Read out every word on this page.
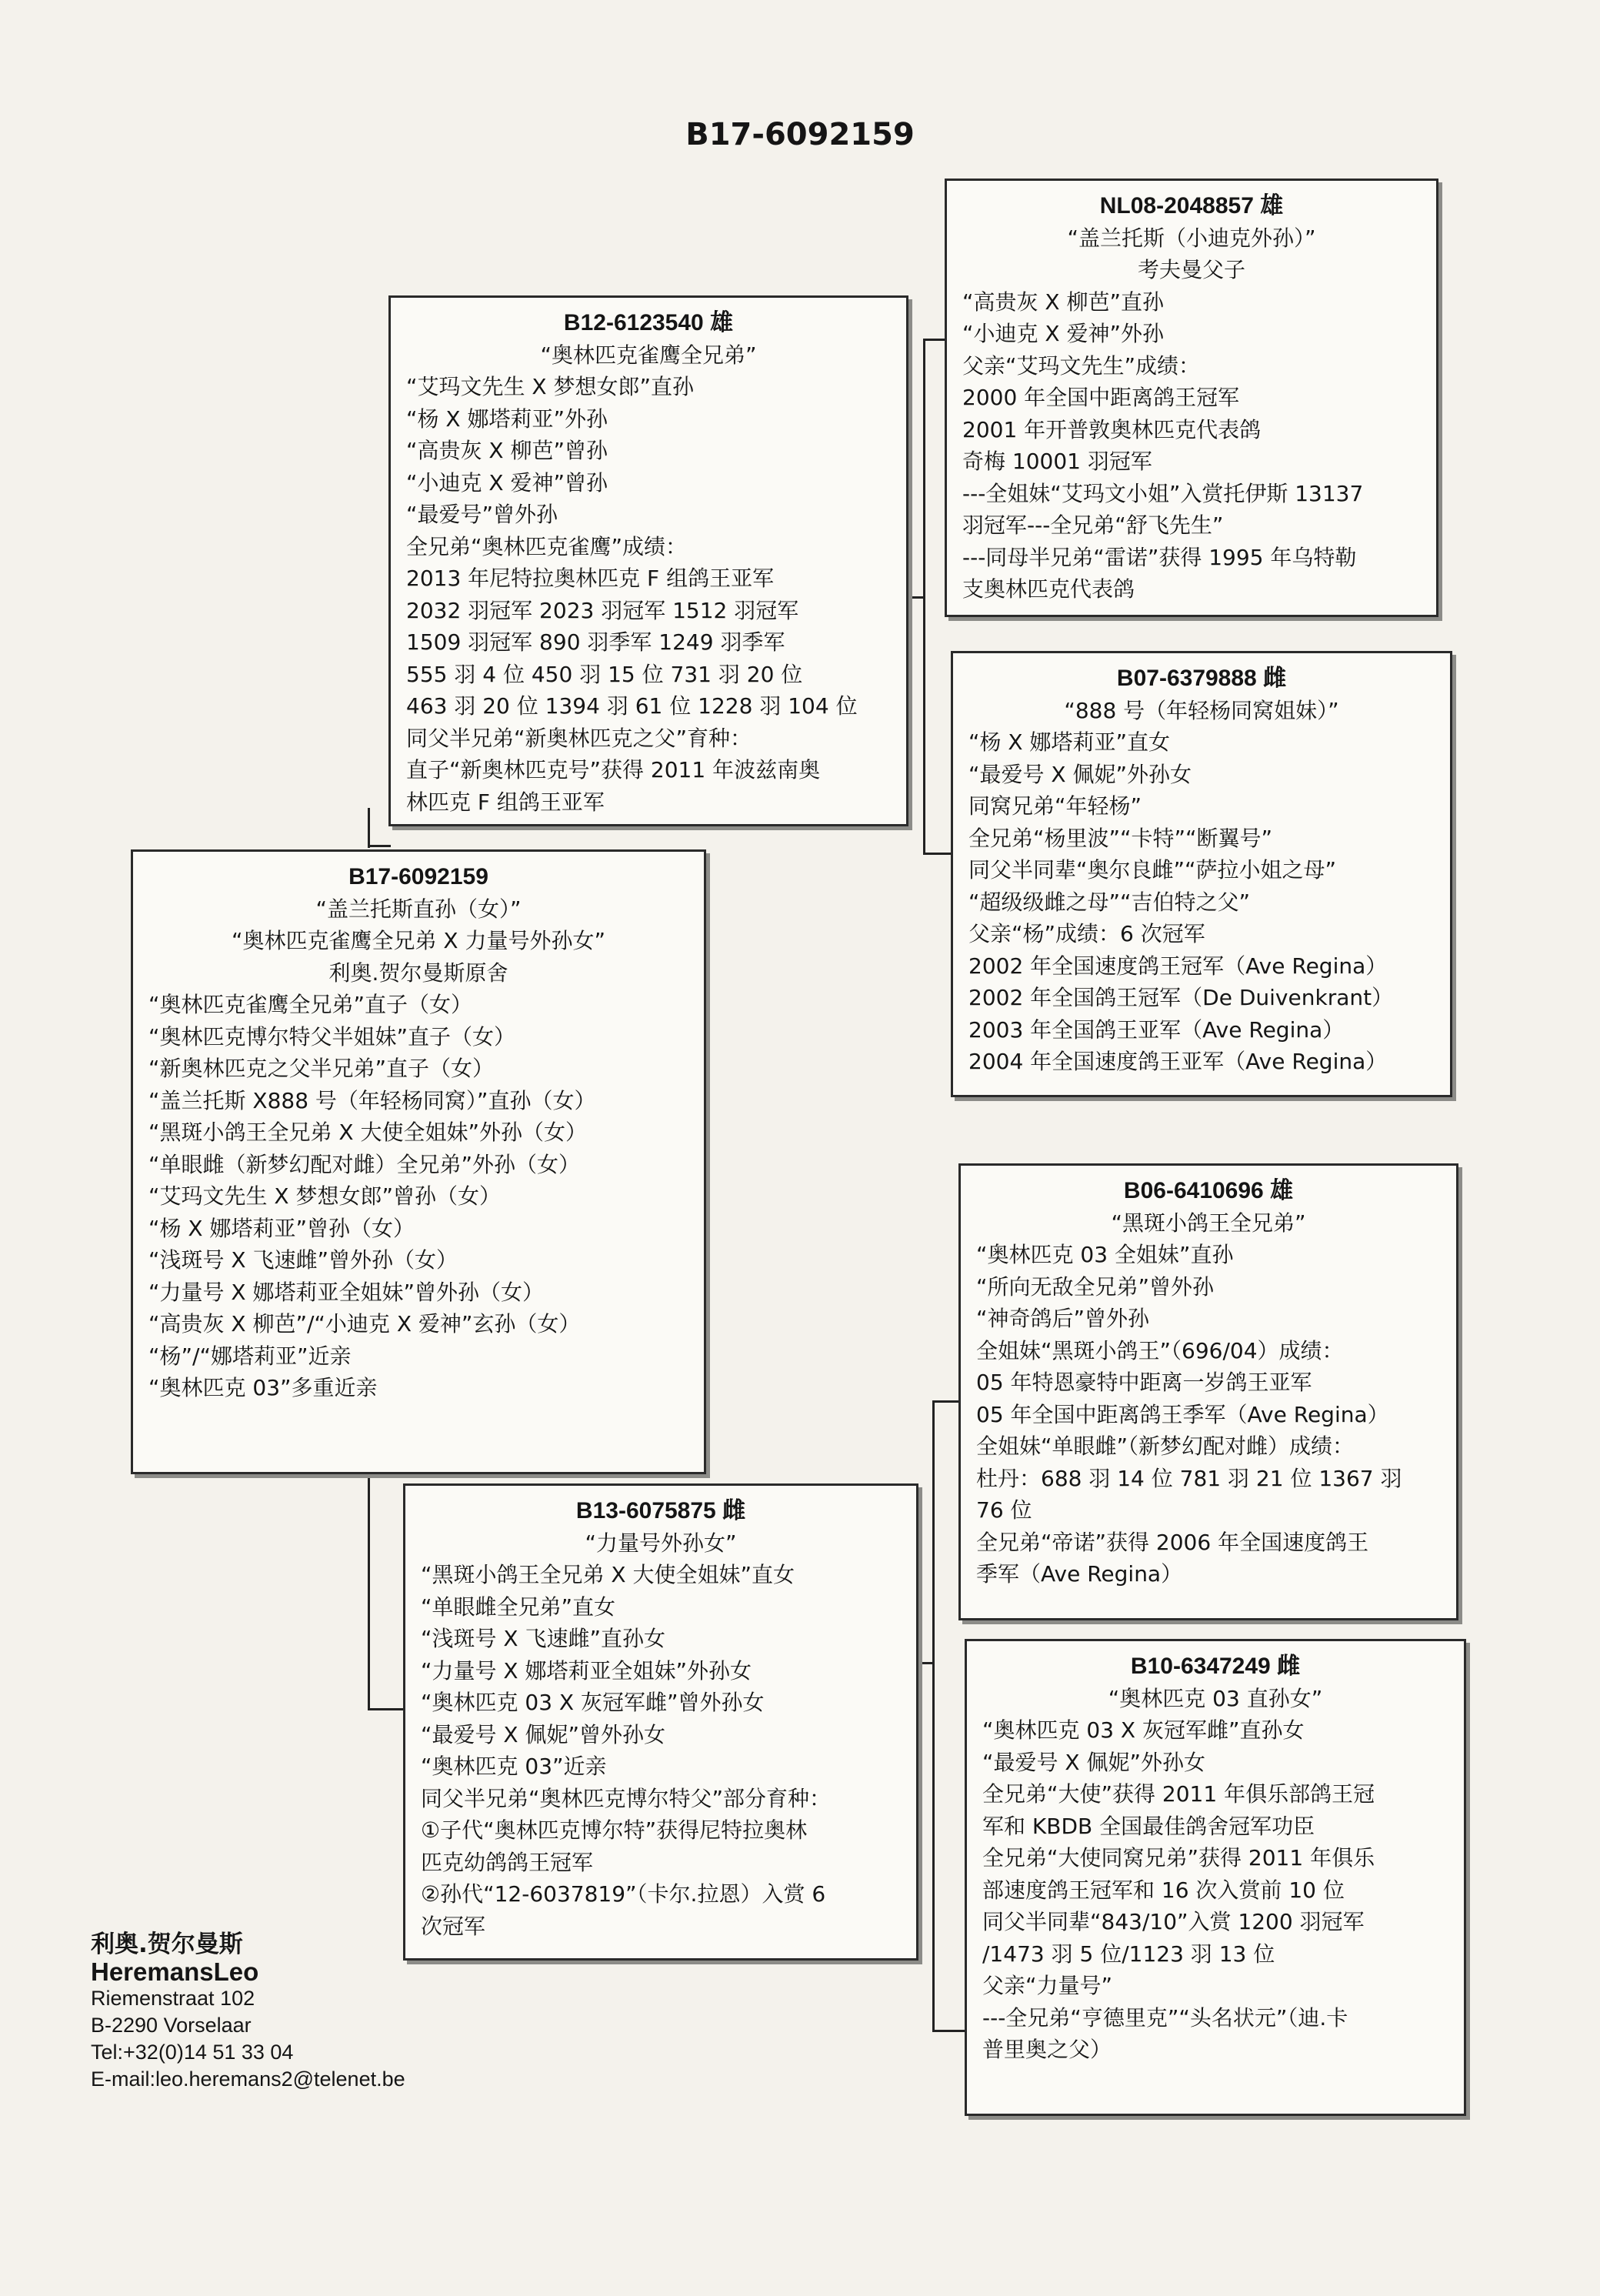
B17-6092159
B12-6123540 雄
“奥林匹克雀鹰全兄弟”
“艾玛文先生 X 梦想女郎”直孙
“杨 X 娜塔莉亚”外孙
“高贵灰 X 柳芭”曾孙
“小迪克 X 爱神”曾孙
“最爱号”曾外孙
全兄弟“奥林匹克雀鹰”成绩：
2013 年尼特拉奥林匹克 F 组鸽王亚军
2032 羽冠军 2023 羽冠军 1512 羽冠军
1509 羽冠军 890 羽季军 1249 羽季军
555 羽 4 位 450 羽 15 位 731 羽 20 位
463 羽 20 位 1394 羽 61 位 1228 羽 104 位
同父半兄弟“新奥林匹克之父”育种：
直子“新奥林匹克号”获得 2011 年波兹南奥
林匹克 F 组鸽王亚军
B17-6092159
“盖兰托斯直孙（女）”
“奥林匹克雀鹰全兄弟 X 力量号外孙女”
利奥.贺尔曼斯原舍
“奥林匹克雀鹰全兄弟”直子（女）
“奥林匹克博尔特父半姐妹”直子（女）
“新奥林匹克之父半兄弟”直子（女）
“盖兰托斯 X888 号（年轻杨同窝）”直孙（女）
“黑斑小鸽王全兄弟 X 大使全姐妹”外孙（女）
“单眼雌（新梦幻配对雌）全兄弟”外孙（女）
“艾玛文先生 X 梦想女郎”曾孙（女）
“杨 X 娜塔莉亚”曾孙（女）
“浅斑号 X 飞速雌”曾外孙（女）
“力量号 X 娜塔莉亚全姐妹”曾外孙（女）
“高贵灰 X 柳芭”/“小迪克 X 爱神”玄孙（女）
“杨”/“娜塔莉亚”近亲
“奥林匹克 03”多重近亲
B13-6075875 雌
“力量号外孙女”
“黑斑小鸽王全兄弟 X 大使全姐妹”直女
“单眼雌全兄弟”直女
“浅斑号 X 飞速雌”直孙女
“力量号 X 娜塔莉亚全姐妹”外孙女
“奥林匹克 03 X 灰冠军雌”曾外孙女
“最爱号 X 佩妮”曾外孙女
“奥林匹克 03”近亲
同父半兄弟“奥林匹克博尔特父”部分育种：
①子代“奥林匹克博尔特”获得尼特拉奥林
匹克幼鸽鸽王冠军
②孙代“12-6037819”（卡尔.拉恩）入赏 6
次冠军
NL08-2048857 雄
“盖兰托斯（小迪克外孙）”
考夫曼父子
“高贵灰 X 柳芭”直孙
“小迪克 X 爱神”外孙
父亲“艾玛文先生”成绩：
2000 年全国中距离鸽王冠军
2001 年开普敦奥林匹克代表鸽
奇梅 10001 羽冠军
---全姐妹“艾玛文小姐”入赏托伊斯 13137
羽冠军---全兄弟“舒飞先生”
---同母半兄弟“雷诺”获得 1995 年乌特勒
支奥林匹克代表鸽
B07-6379888 雌
“888 号（年轻杨同窝姐妹）”
“杨 X 娜塔莉亚”直女
“最爱号 X 佩妮”外孙女
同窝兄弟“年轻杨”
全兄弟“杨里波”“卡特”“断翼号”
同父半同辈“奥尔良雌”“萨拉小姐之母”
“超级级雌之母”“吉伯特之父”
父亲“杨”成绩：6 次冠军
2002 年全国速度鸽王冠军（Ave Regina）
2002 年全国鸽王冠军（De Duivenkrant）
2003 年全国鸽王亚军（Ave Regina）
2004 年全国速度鸽王亚军（Ave Regina）
B06-6410696 雄
“黑斑小鸽王全兄弟”
“奥林匹克 03 全姐妹”直孙
“所向无敌全兄弟”曾外孙
“神奇鸽后”曾外孙
全姐妹“黑斑小鸽王”（696/04）成绩：
05 年特恩豪特中距离一岁鸽王亚军
05 年全国中距离鸽王季军（Ave Regina）
全姐妹“单眼雌”（新梦幻配对雌）成绩：
杜丹：688 羽 14 位 781 羽 21 位 1367 羽
76 位
全兄弟“帝诺”获得 2006 年全国速度鸽王
季军（Ave Regina）
B10-6347249 雌
“奥林匹克 03 直孙女”
“奥林匹克 03 X 灰冠军雌”直孙女
“最爱号 X 佩妮”外孙女
全兄弟“大使”获得 2011 年俱乐部鸽王冠
军和 KBDB 全国最佳鸽舍冠军功臣
全兄弟“大使同窝兄弟”获得 2011 年俱乐
部速度鸽王冠军和 16 次入赏前 10 位
同父半同辈“843/10”入赏 1200 羽冠军
/1473 羽 5 位/1123 羽 13 位
父亲“力量号”
---全兄弟“亨德里克”“头名状元”（迪.卡
普里奥之父）
利奥.贺尔曼斯
HeremansLeo
Riemenstraat 102
B-2290 Vorselaar
Tel:+32(0)14 51 33 04
E-mail:leo.heremans2@telenet.be
